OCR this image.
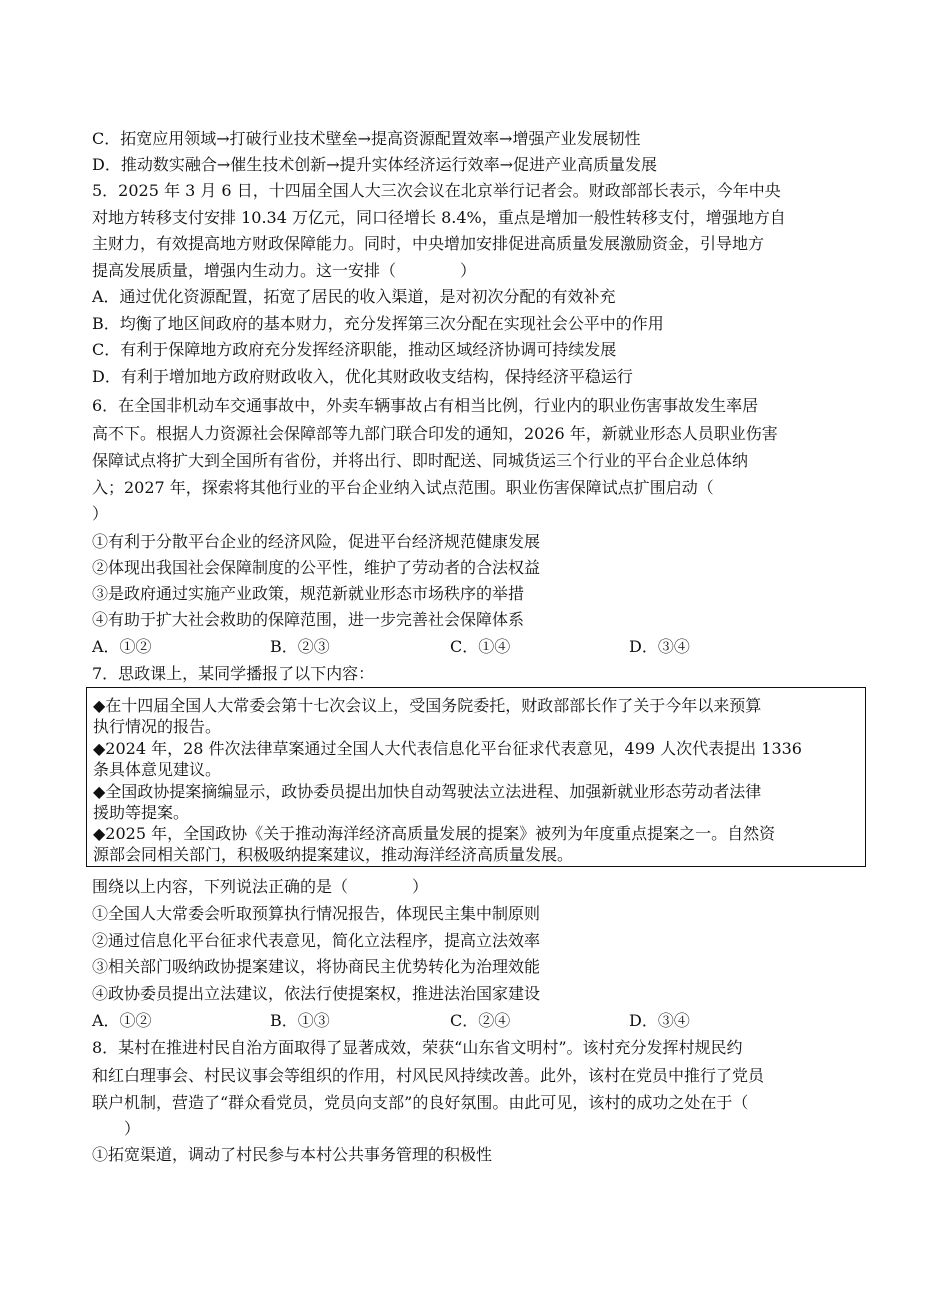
C．拓宽应用领域→打破行业技术壁垒→提高资源配置效率→增强产业发展韧性
D．推动数实融合→催生技术创新→提升实体经济运行效率→促进产业高质量发展
5．2025 年 3 月 6 日，十四届全国人大三次会议在北京举行记者会。财政部部长表示，今年中央
对地方转移支付安排 10.34 万亿元，同口径增长 8.4%，重点是增加一般性转移支付，增强地方自
主财力，有效提高地方财政保障能力。同时，中央增加安排促进高质量发展激励资金，引导地方
提高发展质量，增强内生动力。这一安排（　　　　）
A．通过优化资源配置，拓宽了居民的收入渠道，是对初次分配的有效补充
B．均衡了地区间政府的基本财力，充分发挥第三次分配在实现社会公平中的作用
C．有利于保障地方政府充分发挥经济职能，推动区域经济协调可持续发展
D．有利于增加地方政府财政收入，优化其财政收支结构，保持经济平稳运行
6．在全国非机动车交通事故中，外卖车辆事故占有相当比例，行业内的职业伤害事故发生率居
高不下。根据人力资源社会保障部等九部门联合印发的通知，2026 年，新就业形态人员职业伤害
保障试点将扩大到全国所有省份，并将出行、即时配送、同城货运三个行业的平台企业总体纳
入；2027 年，探索将其他行业的平台企业纳入试点范围。职业伤害保障试点扩围启动（
）
①有利于分散平台企业的经济风险，促进平台经济规范健康发展
②体现出我国社会保障制度的公平性，维护了劳动者的合法权益
③是政府通过实施产业政策，规范新就业形态市场秩序的举措
④有助于扩大社会救助的保障范围，进一步完善社会保障体系
A．①②	B．②③	C．①④	D．③④
7．思政课上，某同学播报了以下内容：
◆在十四届全国人大常委会第十七次会议上，受国务院委托，财政部部长作了关于今年以来预算
执行情况的报告。
◆2024 年，28 件次法律草案通过全国人大代表信息化平台征求代表意见，499 人次代表提出 1336
条具体意见建议。
◆全国政协提案摘编显示，政协委员提出加快自动驾驶法立法进程、加强新就业形态劳动者法律
援助等提案。
◆2025 年，全国政协《关于推动海洋经济高质量发展的提案》被列为年度重点提案之一。自然资
源部会同相关部门，积极吸纳提案建议，推动海洋经济高质量发展。
围绕以上内容，下列说法正确的是（　　　　）
①全国人大常委会听取预算执行情况报告，体现民主集中制原则
②通过信息化平台征求代表意见，简化立法程序，提高立法效率
③相关部门吸纳政协提案建议，将协商民主优势转化为治理效能
④政协委员提出立法建议，依法行使提案权，推进法治国家建设
A．①②	B．①③	C．②④	D．③④
8．某村在推进村民自治方面取得了显著成效，荣获“山东省文明村”。该村充分发挥村规民约
和红白理事会、村民议事会等组织的作用，村风民风持续改善。此外，该村在党员中推行了党员
联户机制，营造了“群众看党员，党员向支部”的良好氛围。由此可见，该村的成功之处在于（
　　）
①拓宽渠道，调动了村民参与本村公共事务管理的积极性
